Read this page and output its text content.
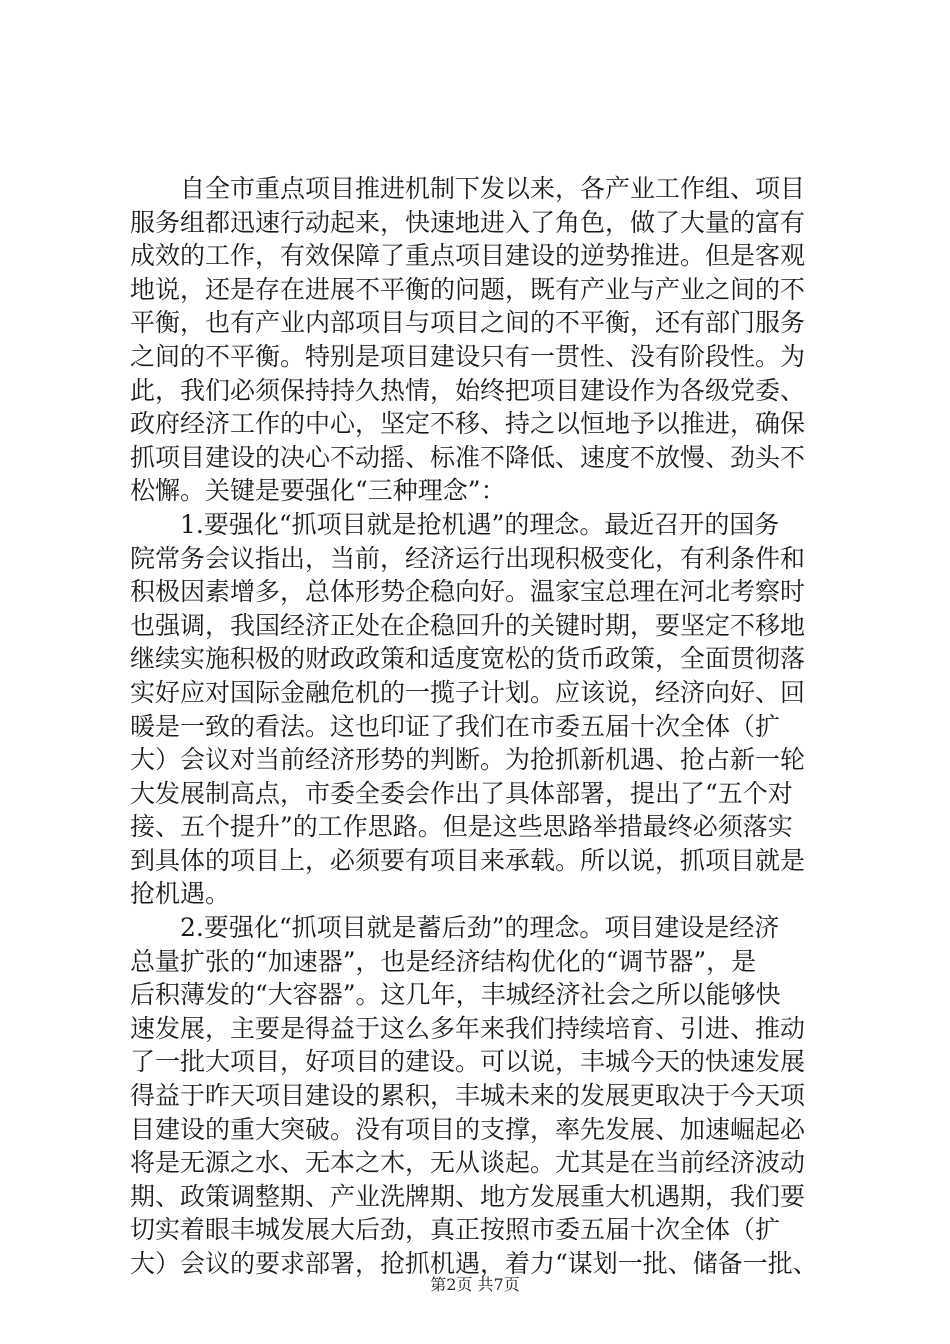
自全市重点项目推进机制下发以来，各产业工作组、项目
服务组都迅速行动起来，快速地进入了角色，做了大量的富有
成效的工作，有效保障了重点项目建设的逆势推进。但是客观
地说，还是存在进展不平衡的问题，既有产业与产业之间的不
平衡，也有产业内部项目与项目之间的不平衡，还有部门服务
之间的不平衡。特别是项目建设只有一贯性、没有阶段性。为
此，我们必须保持持久热情，始终把项目建设作为各级党委、
政府经济工作的中心，坚定不移、持之以恒地予以推进，确保
抓项目建设的决心不动摇、标准不降低、速度不放慢、劲头不
松懈。关键是要强化“三种理念”：
1.要强化“抓项目就是抢机遇”的理念。最近召开的国务
院常务会议指出，当前，经济运行出现积极变化，有利条件和
积极因素增多，总体形势企稳向好。温家宝总理在河北考察时
也强调，我国经济正处在企稳回升的关键时期，要坚定不移地
继续实施积极的财政政策和适度宽松的货币政策，全面贯彻落
实好应对国际金融危机的一揽子计划。应该说，经济向好、回
暖是一致的看法。这也印证了我们在市委五届十次全体（扩
大）会议对当前经济形势的判断。为抢抓新机遇、抢占新一轮
大发展制高点，市委全委会作出了具体部署，提出了“五个对
接、五个提升”的工作思路。但是这些思路举措最终必须落实
到具体的项目上，必须要有项目来承载。所以说，抓项目就是
抢机遇。
2.要强化“抓项目就是蓄后劲”的理念。项目建设是经济
总量扩张的“加速器”，也是经济结构优化的“调节器”，是
后积薄发的“大容器”。这几年，丰城经济社会之所以能够快
速发展，主要是得益于这么多年来我们持续培育、引进、推动
了一批大项目，好项目的建设。可以说，丰城今天的快速发展
得益于昨天项目建设的累积，丰城未来的发展更取决于今天项
目建设的重大突破。没有项目的支撑，率先发展、加速崛起必
将是无源之水、无本之木，无从谈起。尤其是在当前经济波动
期、政策调整期、产业洗牌期、地方发展重大机遇期，我们要
切实着眼丰城发展大后劲，真正按照市委五届十次全体（扩
大）会议的要求部署，抢抓机遇，着力“谋划一批、储备一批、
第2页 共7页
